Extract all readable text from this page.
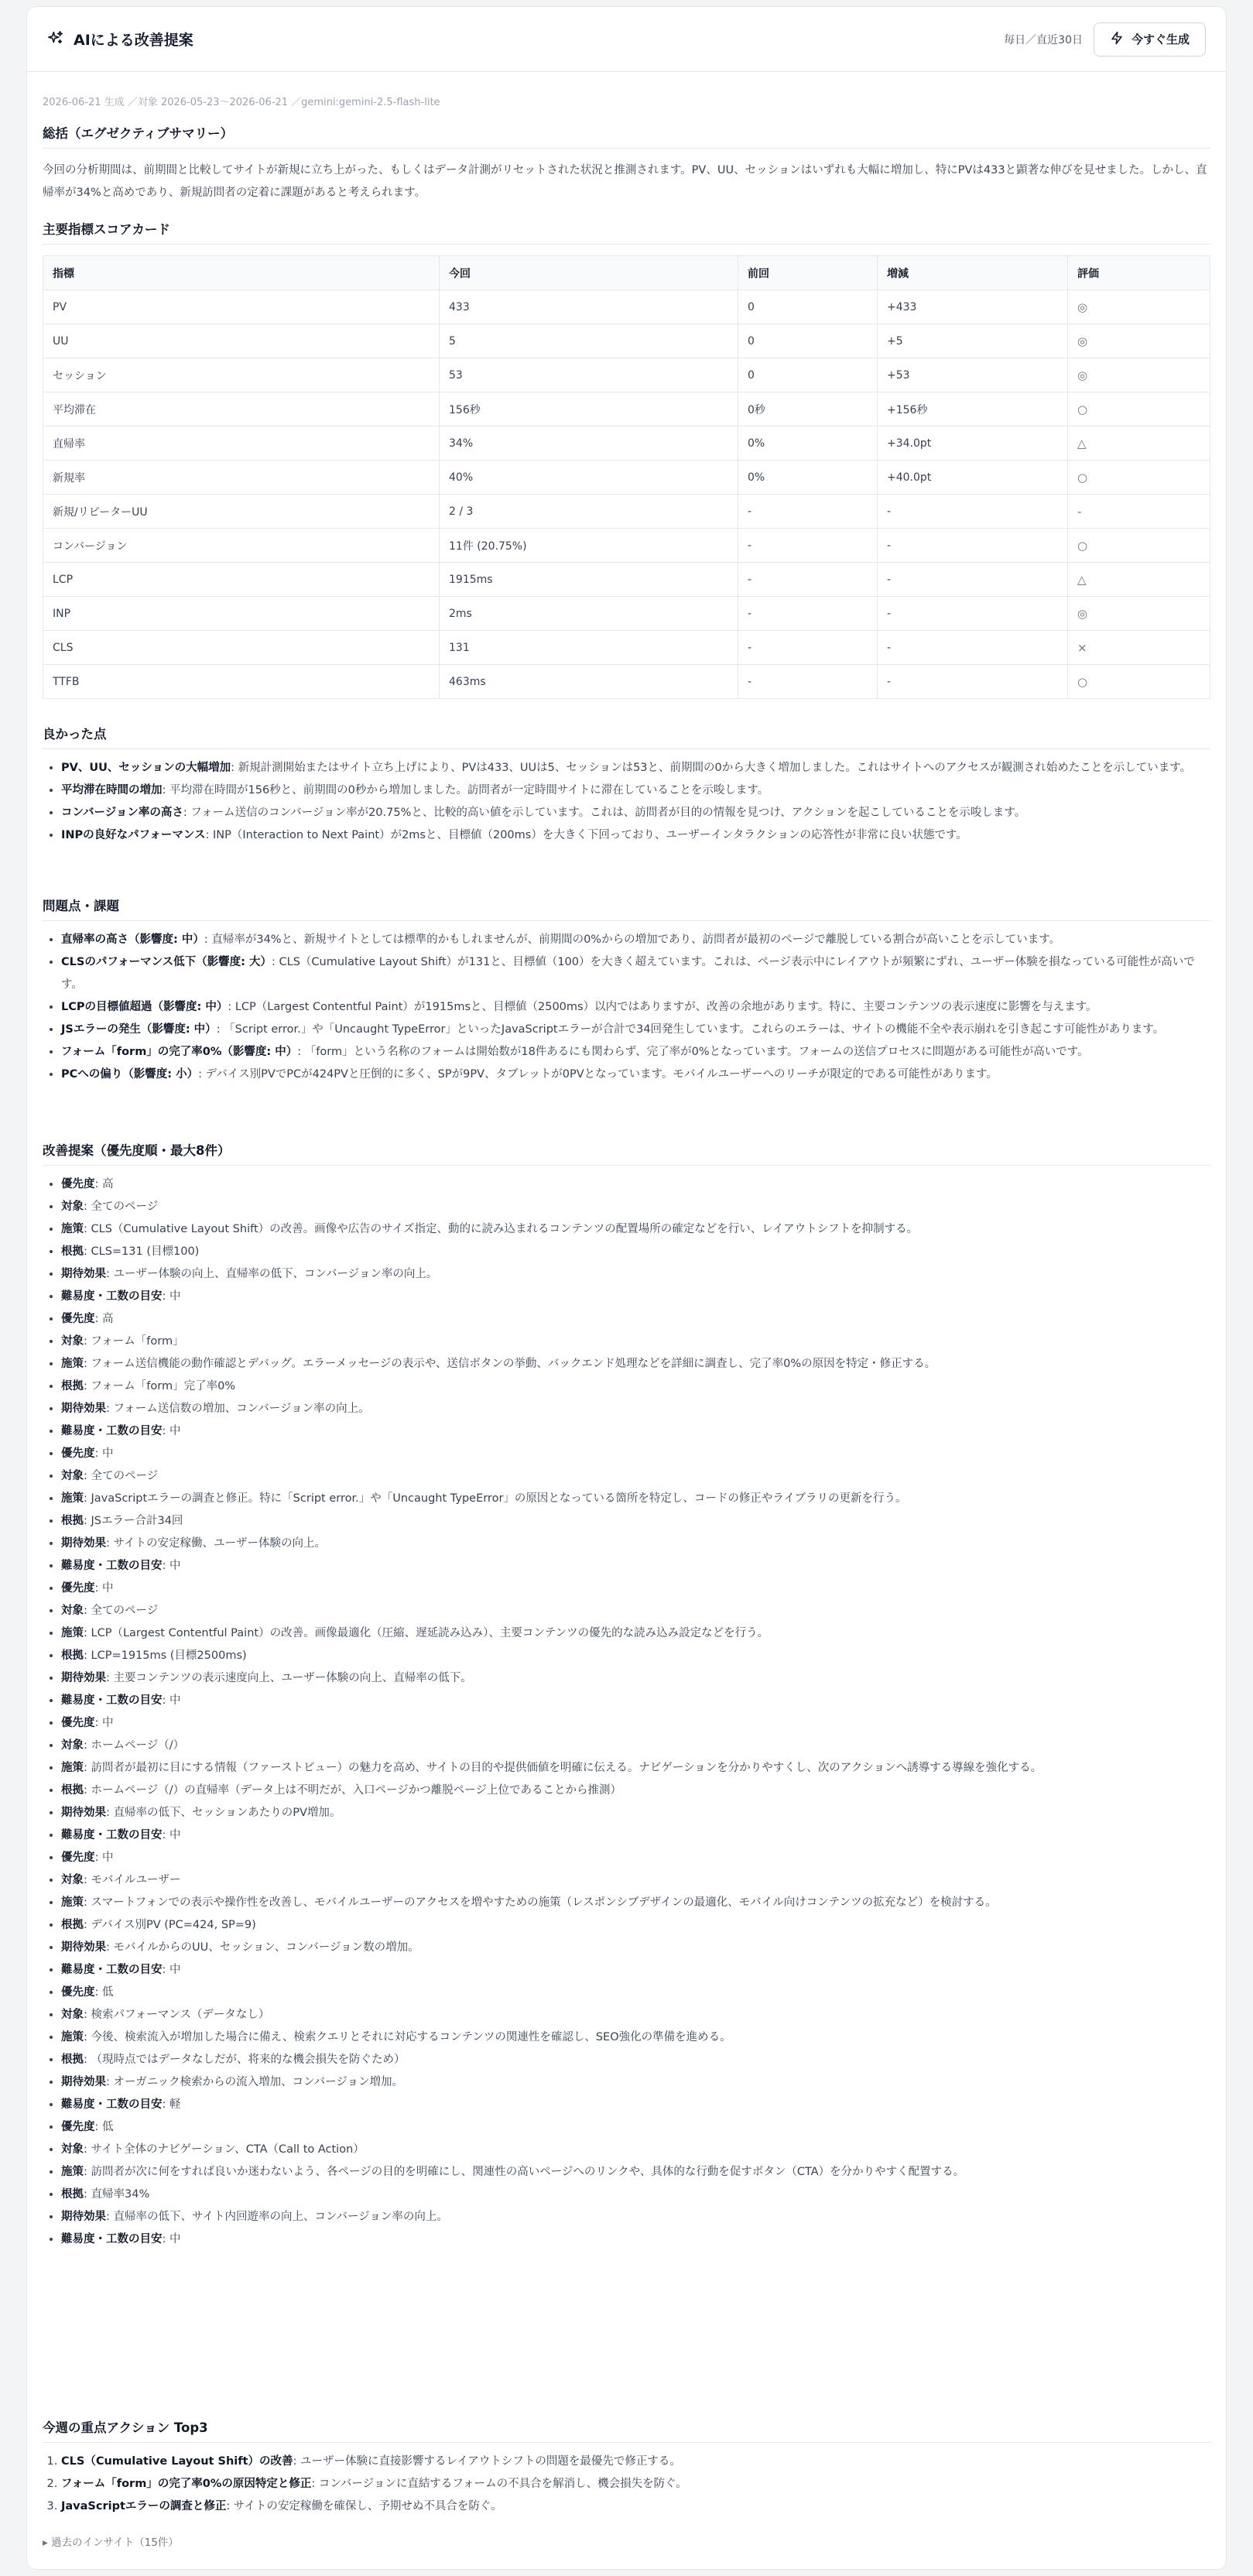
AIによる改善提案	毎日／直近30日	今すぐ生成
2026-06-21 生成 ／対象 2026-05-23〜2026-06-21 ／gemini:gemini-2.5-flash-lite
総括（エグゼクティブサマリー）

今回の分析期間は、前期間と比較してサイトが新規に立ち上がった、もしくはデータ計測がリセットされた状況と推測されます。PV、UU、セッションはいずれも大幅に増加し、特にPVは433と顕著な伸びを見せました。しかし、直帰率が34%と高めであり、新規訪問者の定着に課題があると考えられます。

主要指標スコアカード
指標	今回	前回	増減	評価
PV	433	0	+433	◎
UU	5	0	+5	◎
セッション	53	0	+53	◎
平均滞在	156秒	0秒	+156秒	○
直帰率	34%	0%	+34.0pt	△
新規率	40%	0%	+40.0pt	○
新規/リピーターUU	2 / 3	-	-	-
コンバージョン	11件 (20.75%)	-	-	○
LCP	1915ms	-	-	△
INP	2ms	-	-	◎
CLS	131	-	-	×
TTFB	463ms	-	-	○
良かった点
• PV、UU、セッションの大幅増加: 新規計測開始またはサイト立ち上げにより、PVは433、UUは5、セッションは53と、前期間の0から大きく増加しました。これはサイトへのアクセスが観測され始めたことを示しています。
• 平均滞在時間の増加: 平均滞在時間が156秒と、前期間の0秒から増加しました。訪問者が一定時間サイトに滞在していることを示唆します。
• コンバージョン率の高さ: フォーム送信のコンバージョン率が20.75%と、比較的高い値を示しています。これは、訪問者が目的の情報を見つけ、アクションを起こしていることを示唆します。
• INPの良好なパフォーマンス: INP（Interaction to Next Paint）が2msと、目標値（200ms）を大きく下回っており、ユーザーインタラクションの応答性が非常に良い状態です。
問題点・課題
• 直帰率の高さ（影響度: 中）: 直帰率が34%と、新規サイトとしては標準的かもしれませんが、前期間の0%からの増加であり、訪問者が最初のページで離脱している割合が高いことを示しています。
• CLSのパフォーマンス低下（影響度: 大）: CLS（Cumulative Layout Shift）が131と、目標値（100）を大きく超えています。これは、ページ表示中にレイアウトが頻繁にずれ、ユーザー体験を損なっている可能性が高いです。
• LCPの目標値超過（影響度: 中）: LCP（Largest Contentful Paint）が1915msと、目標値（2500ms）以内ではありますが、改善の余地があります。特に、主要コンテンツの表示速度に影響を与えます。
• JSエラーの発生（影響度: 中）: 「Script error.」や「Uncaught TypeError」といったJavaScriptエラーが合計で34回発生しています。これらのエラーは、サイトの機能不全や表示崩れを引き起こす可能性があります。
• フォーム「form」の完了率0%（影響度: 中）: 「form」という名称のフォームは開始数が18件あるにも関わらず、完了率が0%となっています。フォームの送信プロセスに問題がある可能性が高いです。
• PCへの偏り（影響度: 小）: デバイス別PVでPCが424PVと圧倒的に多く、SPが9PV、タブレットが0PVとなっています。モバイルユーザーへのリーチが限定的である可能性があります。
改善提案（優先度順・最大8件）
• 優先度: 高
• 対象: 全てのページ
• 施策: CLS（Cumulative Layout Shift）の改善。画像や広告のサイズ指定、動的に読み込まれるコンテンツの配置場所の確定などを行い、レイアウトシフトを抑制する。
• 根拠: CLS=131 (目標100)
• 期待効果: ユーザー体験の向上、直帰率の低下、コンバージョン率の向上。
• 難易度・工数の目安: 中
• 優先度: 高
• 対象: フォーム「form」
• 施策: フォーム送信機能の動作確認とデバッグ。エラーメッセージの表示や、送信ボタンの挙動、バックエンド処理などを詳細に調査し、完了率0%の原因を特定・修正する。
• 根拠: フォーム「form」完了率0%
• 期待効果: フォーム送信数の増加、コンバージョン率の向上。
• 難易度・工数の目安: 中
• 優先度: 中
• 対象: 全てのページ
• 施策: JavaScriptエラーの調査と修正。特に「Script error.」や「Uncaught TypeError」の原因となっている箇所を特定し、コードの修正やライブラリの更新を行う。
• 根拠: JSエラー合計34回
• 期待効果: サイトの安定稼働、ユーザー体験の向上。
• 難易度・工数の目安: 中
• 優先度: 中
• 対象: 全てのページ
• 施策: LCP（Largest Contentful Paint）の改善。画像最適化（圧縮、遅延読み込み）、主要コンテンツの優先的な読み込み設定などを行う。
• 根拠: LCP=1915ms (目標2500ms)
• 期待効果: 主要コンテンツの表示速度向上、ユーザー体験の向上、直帰率の低下。
• 難易度・工数の目安: 中
• 優先度: 中
• 対象: ホームページ（/）
• 施策: 訪問者が最初に目にする情報（ファーストビュー）の魅力を高め、サイトの目的や提供価値を明確に伝える。ナビゲーションを分かりやすくし、次のアクションへ誘導する導線を強化する。
• 根拠: ホームページ（/）の直帰率（データ上は不明だが、入口ページかつ離脱ページ上位であることから推測）
• 期待効果: 直帰率の低下、セッションあたりのPV増加。
• 難易度・工数の目安: 中
• 優先度: 中
• 対象: モバイルユーザー
• 施策: スマートフォンでの表示や操作性を改善し、モバイルユーザーのアクセスを増やすための施策（レスポンシブデザインの最適化、モバイル向けコンテンツの拡充など）を検討する。
• 根拠: デバイス別PV (PC=424, SP=9)
• 期待効果: モバイルからのUU、セッション、コンバージョン数の増加。
• 難易度・工数の目安: 中
• 優先度: 低
• 対象: 検索パフォーマンス（データなし）
• 施策: 今後、検索流入が増加した場合に備え、検索クエリとそれに対応するコンテンツの関連性を確認し、SEO強化の準備を進める。
• 根拠: （現時点ではデータなしだが、将来的な機会損失を防ぐため）
• 期待効果: オーガニック検索からの流入増加、コンバージョン増加。
• 難易度・工数の目安: 軽
• 優先度: 低
• 対象: サイト全体のナビゲーション、CTA（Call to Action）
• 施策: 訪問者が次に何をすれば良いか迷わないよう、各ページの目的を明確にし、関連性の高いページへのリンクや、具体的な行動を促すボタン（CTA）を分かりやすく配置する。
• 根拠: 直帰率34%
• 期待効果: 直帰率の低下、サイト内回遊率の向上、コンバージョン率の向上。
• 難易度・工数の目安: 中
今週の重点アクション Top3
1. CLS（Cumulative Layout Shift）の改善: ユーザー体験に直接影響するレイアウトシフトの問題を最優先で修正する。
2. フォーム「form」の完了率0%の原因特定と修正: コンバージョンに直結するフォームの不具合を解消し、機会損失を防ぐ。
3. JavaScriptエラーの調査と修正: サイトの安定稼働を確保し、予期せぬ不具合を防ぐ。
▸ 過去のインサイト（15件）
